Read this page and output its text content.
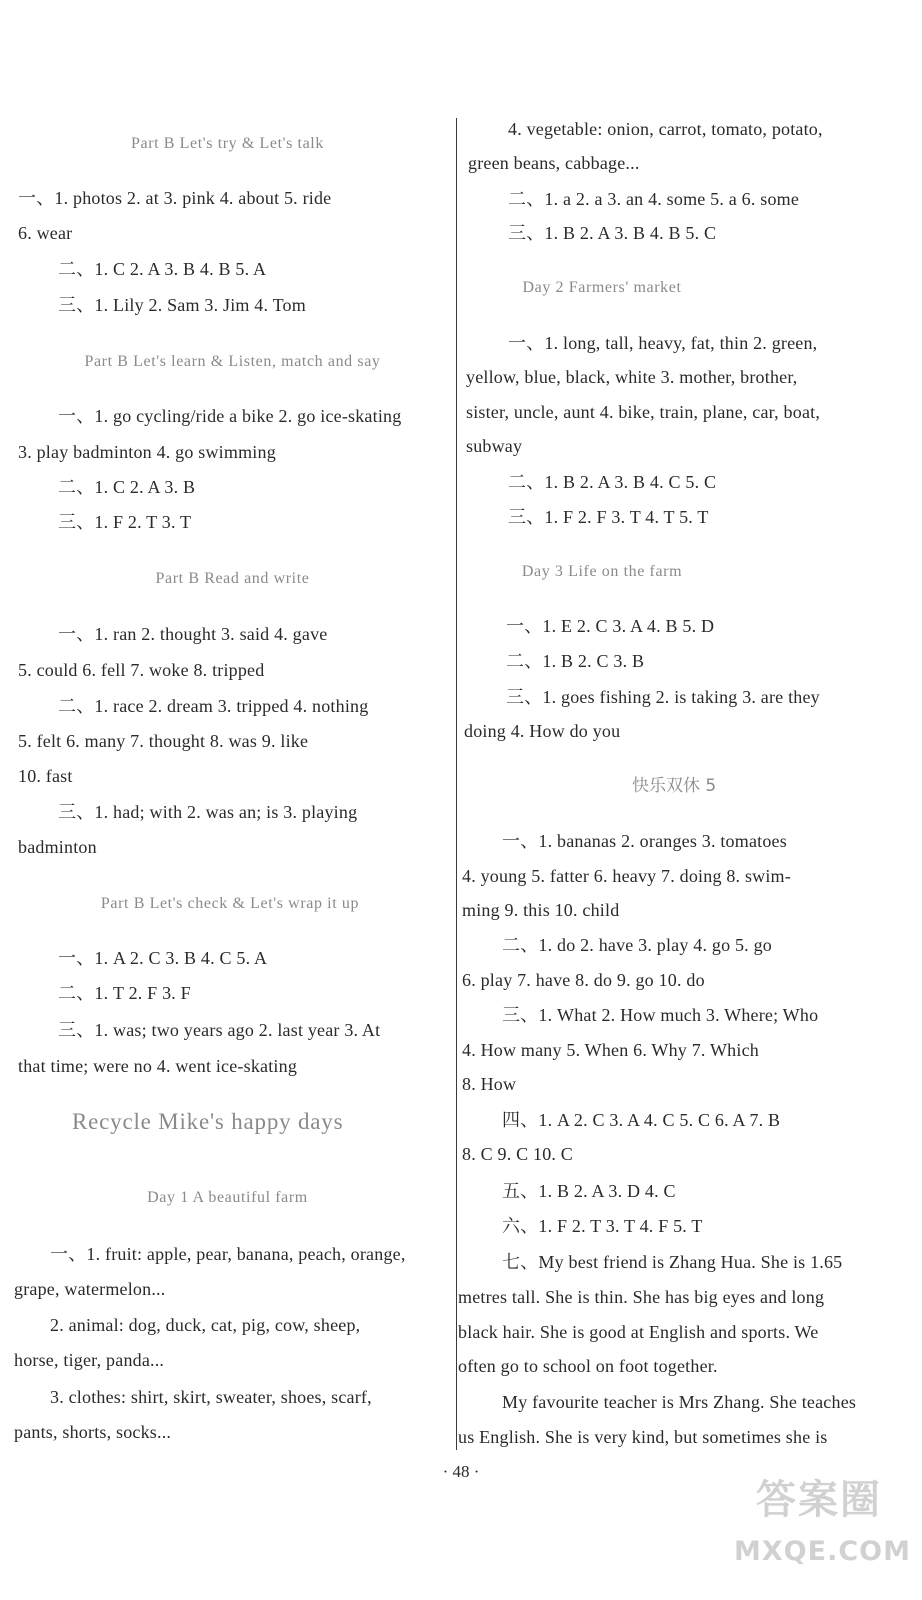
Part B Let's try & Let's talk
一、1. photos 2. at 3. pink 4. about 5. ride
6. wear
二、1. C 2. A 3. B 4. B 5. A
三、1. Lily 2. Sam 3. Jim 4. Tom
Part B Let's learn & Listen, match and say
一、1. go cycling/ride a bike 2. go ice-skating
3. play badminton 4. go swimming
二、1. C 2. A 3. B
三、1. F 2. T 3. T
Part B Read and write
一、1. ran 2. thought 3. said 4. gave
5. could 6. fell 7. woke 8. tripped
二、1. race 2. dream 3. tripped 4. nothing
5. felt 6. many 7. thought 8. was 9. like
10. fast
三、1. had; with 2. was an; is 3. playing
badminton
Part B Let's check & Let's wrap it up
一、1. A 2. C 3. B 4. C 5. A
二、1. T 2. F 3. F
三、1. was; two years ago 2. last year 3. At
that time; were no 4. went ice-skating
Recycle Mike's happy days
Day 1 A beautiful farm
一、1. fruit: apple, pear, banana, peach, orange,
grape, watermelon...
2. animal: dog, duck, cat, pig, cow, sheep,
horse, tiger, panda...
3. clothes: shirt, skirt, sweater, shoes, scarf,
pants, shorts, socks...
4. vegetable: onion, carrot, tomato, potato,
green beans, cabbage...
二、1. a 2. a 3. an 4. some 5. a 6. some
三、1. B 2. A 3. B 4. B 5. C
Day 2 Farmers' market
一、1. long, tall, heavy, fat, thin 2. green,
yellow, blue, black, white 3. mother, brother,
sister, uncle, aunt 4. bike, train, plane, car, boat,
subway
二、1. B 2. A 3. B 4. C 5. C
三、1. F 2. F 3. T 4. T 5. T
Day 3 Life on the farm
一、1. E 2. C 3. A 4. B 5. D
二、1. B 2. C 3. B
三、1. goes fishing 2. is taking 3. are they
doing 4. How do you
快乐双休 5
一、1. bananas 2. oranges 3. tomatoes
4. young 5. fatter 6. heavy 7. doing 8. swim-
ming 9. this 10. child
二、1. do 2. have 3. play 4. go 5. go
6. play 7. have 8. do 9. go 10. do
三、1. What 2. How much 3. Where; Who
4. How many 5. When 6. Why 7. Which
8. How
四、1. A 2. C 3. A 4. C 5. C 6. A 7. B
8. C 9. C 10. C
五、1. B 2. A 3. D 4. C
六、1. F 2. T 3. T 4. F 5. T
七、My best friend is Zhang Hua. She is 1.65
metres tall. She is thin. She has big eyes and long
black hair. She is good at English and sports. We
often go to school on foot together.
My favourite teacher is Mrs Zhang. She teaches
us English. She is very kind, but sometimes she is
· 48 ·
答案圈
MXQE.COM
